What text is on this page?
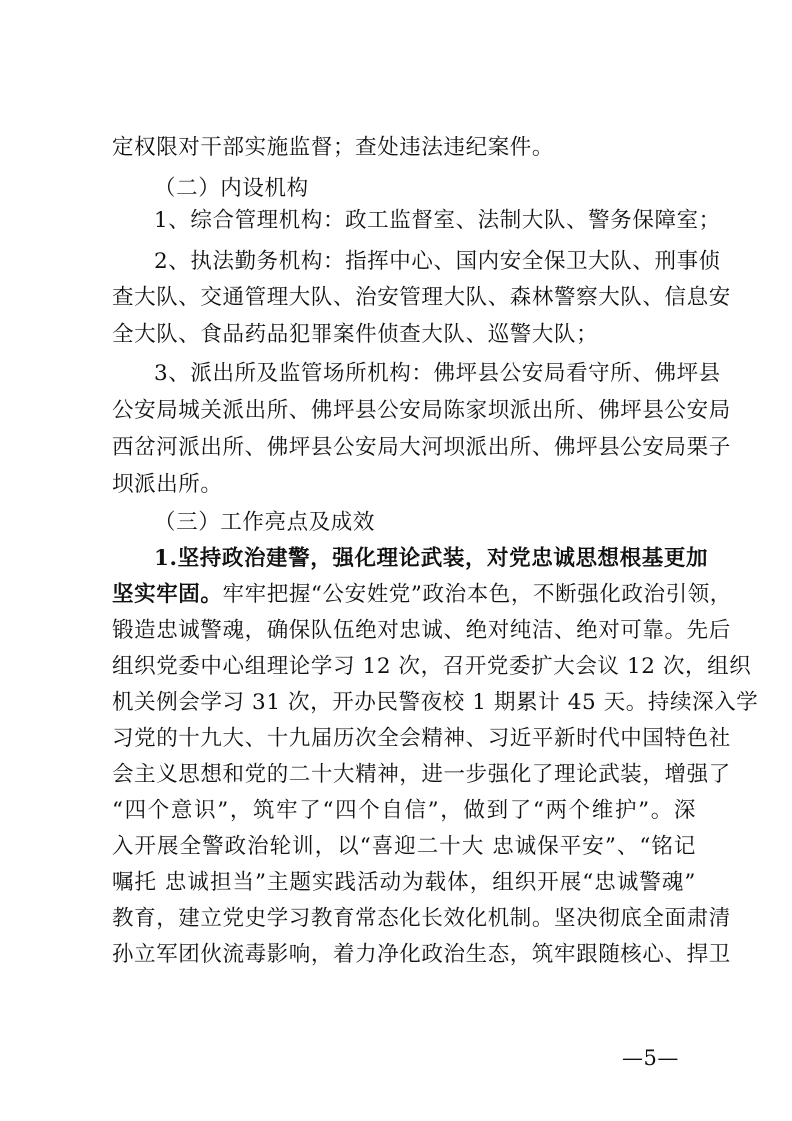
定权限对干部实施监督；查处违法违纪案件。
（二）内设机构
1、综合管理机构：政工监督室、法制大队、警务保障室；
2、执法勤务机构：指挥中心、国内安全保卫大队、刑事侦
查大队、交通管理大队、治安管理大队、森林警察大队、信息安
全大队、食品药品犯罪案件侦查大队、巡警大队；
3、派出所及监管场所机构：佛坪县公安局看守所、佛坪县
公安局城关派出所、佛坪县公安局陈家坝派出所、佛坪县公安局
西岔河派出所、佛坪县公安局大河坝派出所、佛坪县公安局栗子
坝派出所。
（三）工作亮点及成效
1.坚持政治建警，强化理论武装，对党忠诚思想根基更加
坚实牢固。牢牢把握“公安姓党”政治本色，不断强化政治引领，
锻造忠诚警魂，确保队伍绝对忠诚、绝对纯洁、绝对可靠。先后
组织党委中心组理论学习 12 次，召开党委扩大会议 12 次，组织
机关例会学习 31 次，开办民警夜校 1 期累计 45 天。持续深入学
习党的十九大、十九届历次全会精神、习近平新时代中国特色社
会主义思想和党的二十大精神，进一步强化了理论武装，增强了
“四个意识”，筑牢了“四个自信”，做到了“两个维护”。深
入开展全警政治轮训，以“喜迎二十大 忠诚保平安”、“铭记
嘱托 忠诚担当”主题实践活动为载体，组织开展“忠诚警魂”
教育，建立党史学习教育常态化长效化机制。坚决彻底全面肃清
孙立军团伙流毒影响，着力净化政治生态，筑牢跟随核心、捍卫
—5—
